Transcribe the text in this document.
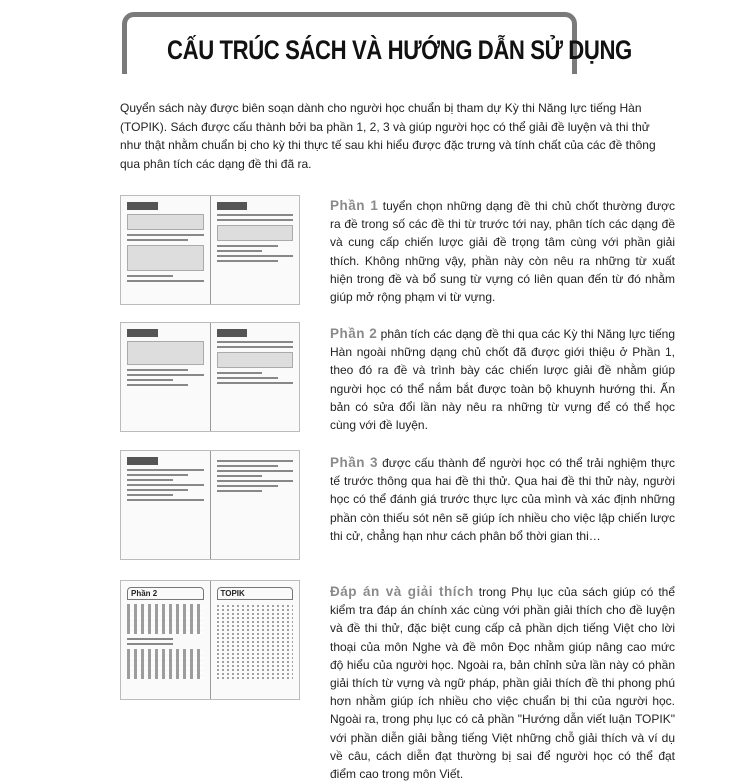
CẤU TRÚC SÁCH VÀ HƯỚNG DẪN SỬ DỤNG
Quyển sách này được biên soạn dành cho người học chuẩn bị tham dự Kỳ thi Năng lực tiếng Hàn (TOPIK). Sách được cấu thành bởi ba phần 1, 2, 3 và giúp người học có thể giải đề luyện và thi thử như thật nhằm chuẩn bị cho kỳ thi thực tế sau khi hiểu được đặc trưng và tính chất của các đề thông qua phân tích các dạng đề thi đã ra.
Phần 2	TOPIK
Phần 1 tuyển chọn những dạng đề thi chủ chốt thường được ra đề trong số các đề thi từ trước tới nay, phân tích các dạng đề và cung cấp chiến lược giải đề trọng tâm cùng với phần giải thích. Không những vậy, phần này còn nêu ra những từ xuất hiện trong đề và bổ sung từ vựng có liên quan đến từ đó nhằm giúp mở rộng phạm vi từ vựng.
Phần 2 phân tích các dạng đề thi qua các Kỳ thi Năng lực tiếng Hàn ngoài những dạng chủ chốt đã được giới thiệu ở Phần 1, theo đó ra đề và trình bày các chiến lược giải đề nhằm giúp người học có thể nắm bắt được toàn bộ khuynh hướng thi. Ấn bản có sửa đổi lần này nêu ra những từ vựng để có thể học cùng với đề luyện.
Phần 3 được cấu thành để người học có thể trải nghiệm thực tế trước thông qua hai đề thi thử. Qua hai đề thi thử này, người học có thể đánh giá trước thực lực của mình và xác định những phần còn thiếu sót nên sẽ giúp ích nhiều cho việc lập chiến lược thi cử, chẳng hạn như cách phân bổ thời gian thi…
Đáp án và giải thích trong Phụ lục của sách giúp có thể kiểm tra đáp án chính xác cùng với phần giải thích cho đề luyện và đề thi thử, đặc biệt cung cấp cả phần dịch tiếng Việt cho lời thoại của môn Nghe và đề môn Đọc nhằm giúp nâng cao mức độ hiểu của người học. Ngoài ra, bản chỉnh sửa lần này có phần giải thích từ vựng và ngữ pháp, phần giải thích đề thi phong phú hơn nhằm giúp ích nhiều cho việc chuẩn bị thi của người học. Ngoài ra, trong phụ lục có cả phần "Hướng dẫn viết luận TOPIK" với phần diễn giải bằng tiếng Việt những chỗ giải thích và ví dụ về câu, cách diễn đạt thường bị sai để người học có thể đạt điểm cao trong môn Viết.
